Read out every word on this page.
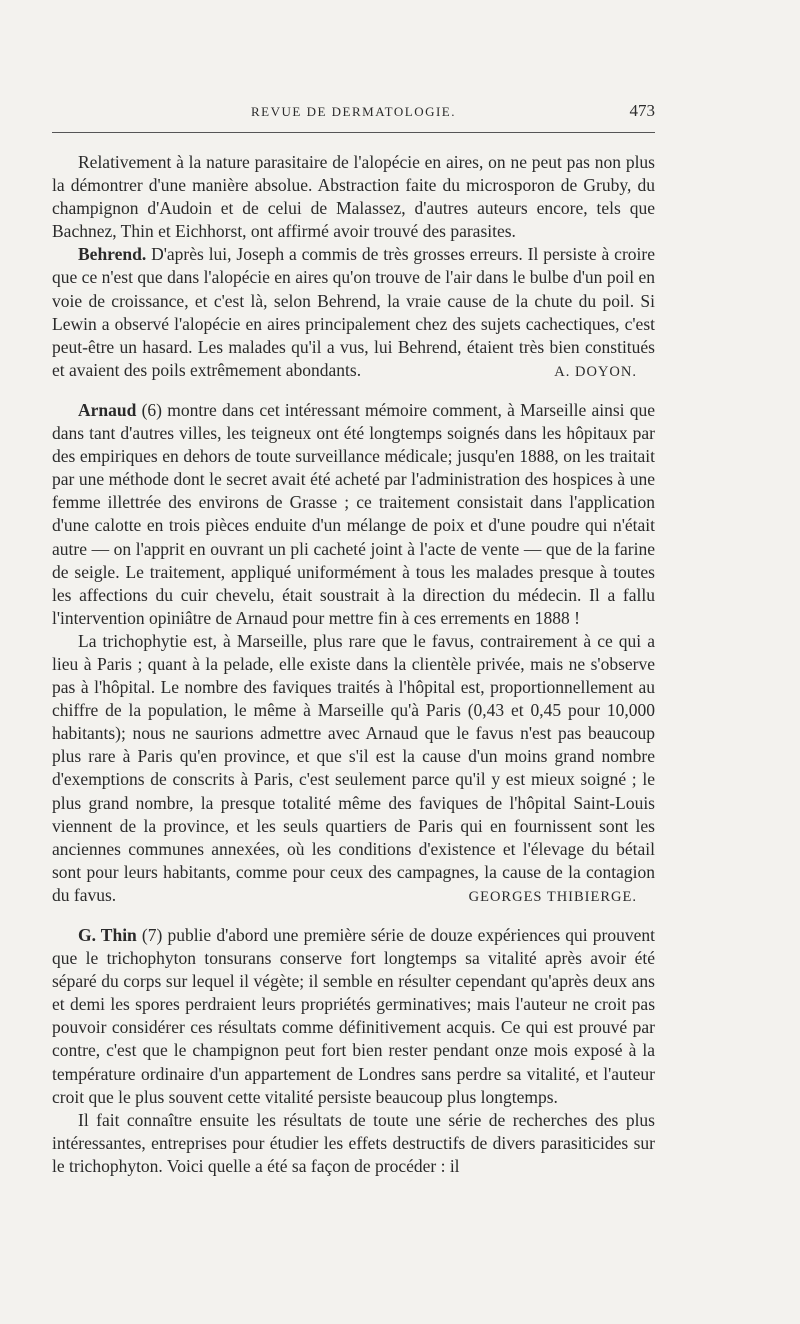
REVUE DE DERMATOLOGIE.	473

Relativement à la nature parasitaire de l'alopécie en aires, on ne peut pas non plus la démontrer d'une manière absolue. Abstraction faite du microsporon de Gruby, du champignon d'Audoin et de celui de Malassez, d'autres auteurs encore, tels que Bachnez, Thin et Eichhorst, ont affirmé avoir trouvé des parasites.

Behrend. D'après lui, Joseph a commis de très grosses erreurs. Il persiste à croire que ce n'est que dans l'alopécie en aires qu'on trouve de l'air dans le bulbe d'un poil en voie de croissance, et c'est là, selon Behrend, la vraie cause de la chute du poil. Si Lewin a observé l'alopécie en aires principalement chez des sujets cachectiques, c'est peut-être un hasard. Les malades qu'il a vus, lui Behrend, étaient très bien constitués et avaient des poils extrêmement abondants.	A. DOYON.

Arnaud (6) montre dans cet intéressant mémoire comment, à Marseille ainsi que dans tant d'autres villes, les teigneux ont été longtemps soignés dans les hôpitaux par des empiriques en dehors de toute surveillance médicale; jusqu'en 1888, on les traitait par une méthode dont le secret avait été acheté par l'administration des hospices à une femme illettrée des environs de Grasse ; ce traitement consistait dans l'application d'une calotte en trois pièces enduite d'un mélange de poix et d'une poudre qui n'était autre — on l'apprit en ouvrant un pli cacheté joint à l'acte de vente — que de la farine de seigle. Le traitement, appliqué uniformément à tous les malades presque à toutes les affections du cuir chevelu, était soustrait à la direction du médecin. Il a fallu l'intervention opiniâtre de Arnaud pour mettre fin à ces errements en 1888 !

La trichophytie est, à Marseille, plus rare que le favus, contrairement à ce qui a lieu à Paris ; quant à la pelade, elle existe dans la clientèle privée, mais ne s'observe pas à l'hôpital. Le nombre des faviques traités à l'hôpital est, proportionnellement au chiffre de la population, le même à Marseille qu'à Paris (0,43 et 0,45 pour 10,000 habitants); nous ne saurions admettre avec Arnaud que le favus n'est pas beaucoup plus rare à Paris qu'en province, et que s'il est la cause d'un moins grand nombre d'exemptions de conscrits à Paris, c'est seulement parce qu'il y est mieux soigné ; le plus grand nombre, la presque totalité même des faviques de l'hôpital Saint-Louis viennent de la province, et les seuls quartiers de Paris qui en fournissent sont les anciennes communes annexées, où les conditions d'existence et l'élevage du bétail sont pour leurs habitants, comme pour ceux des campagnes, la cause de la contagion du favus.	GEORGES THIBIERGE.

G. Thin (7) publie d'abord une première série de douze expériences qui prouvent que le trichophyton tonsurans conserve fort longtemps sa vitalité après avoir été séparé du corps sur lequel il végète; il semble en résulter cependant qu'après deux ans et demi les spores perdraient leurs propriétés germinatives; mais l'auteur ne croit pas pouvoir considérer ces résultats comme définitivement acquis. Ce qui est prouvé par contre, c'est que le champignon peut fort bien rester pendant onze mois exposé à la température ordinaire d'un appartement de Londres sans perdre sa vitalité, et l'auteur croit que le plus souvent cette vitalité persiste beaucoup plus longtemps.

Il fait connaître ensuite les résultats de toute une série de recherches des plus intéressantes, entreprises pour étudier les effets destructifs de divers parasiticides sur le trichophyton. Voici quelle a été sa façon de procéder : il
